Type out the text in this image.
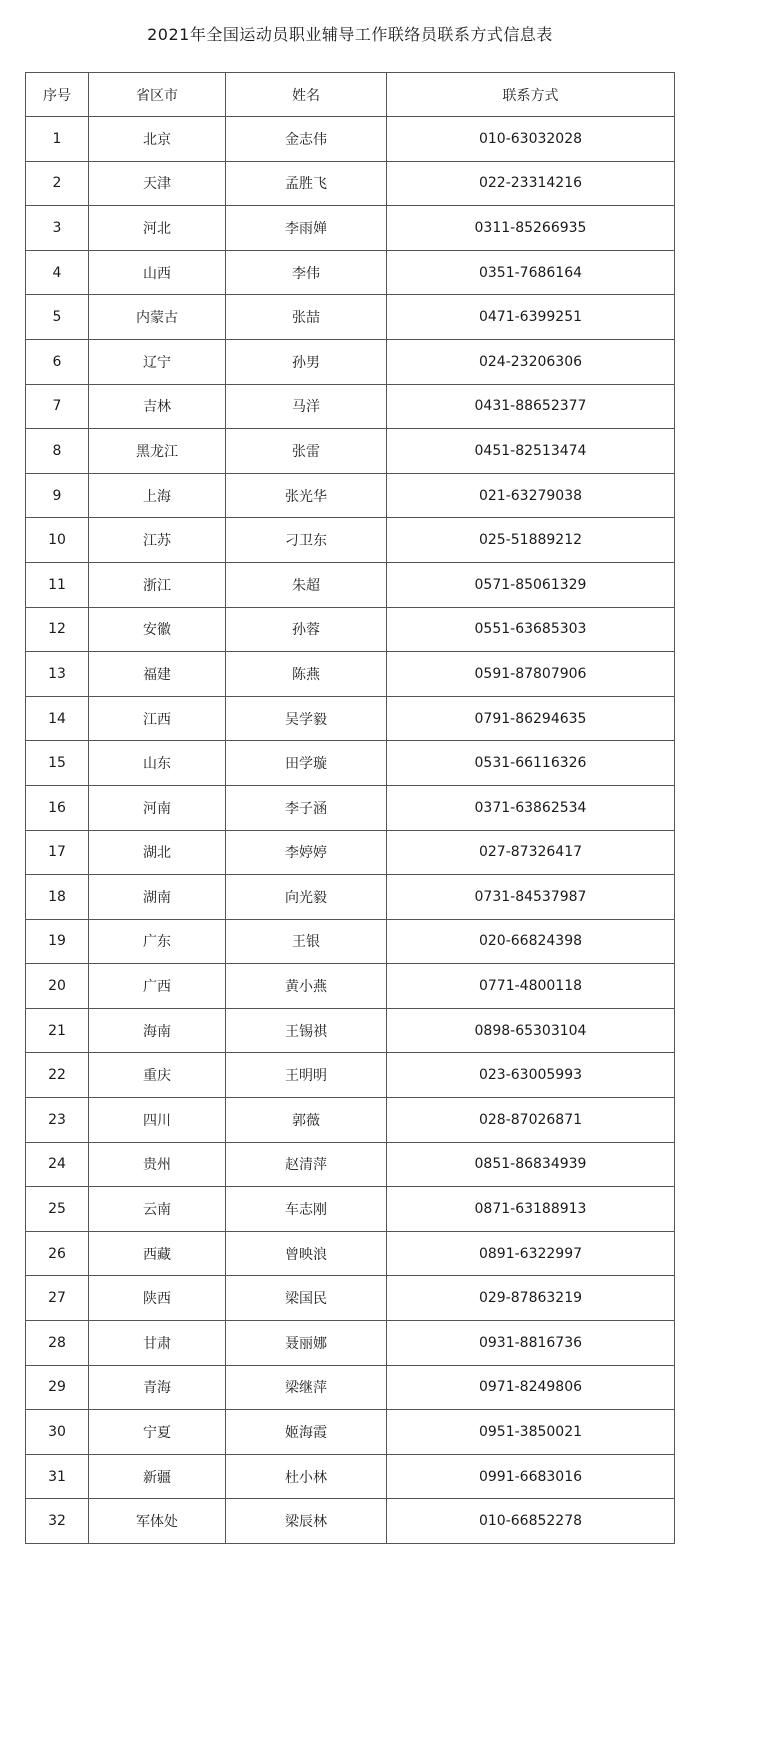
2021年全国运动员职业辅导工作联络员联系方式信息表
序号	省区市	姓名	联系方式
1	北京	金志伟	010-63032028
2	天津	孟胜飞	022-23314216
3	河北	李雨婵	0311-85266935
4	山西	李伟	0351-7686164
5	内蒙古	张喆	0471-6399251
6	辽宁	孙男	024-23206306
7	吉林	马洋	0431-88652377
8	黑龙江	张雷	0451-82513474
9	上海	张光华	021-63279038
10	江苏	刁卫东	025-51889212
11	浙江	朱超	0571-85061329
12	安徽	孙蓉	0551-63685303
13	福建	陈燕	0591-87807906
14	江西	吴学毅	0791-86294635
15	山东	田学璇	0531-66116326
16	河南	李子涵	0371-63862534
17	湖北	李婷婷	027-87326417
18	湖南	向光毅	0731-84537987
19	广东	王银	020-66824398
20	广西	黄小燕	0771-4800118
21	海南	王锡祺	0898-65303104
22	重庆	王明明	023-63005993
23	四川	郭薇	028-87026871
24	贵州	赵清萍	0851-86834939
25	云南	车志刚	0871-63188913
26	西藏	曾映浪	0891-6322997
27	陕西	梁国民	029-87863219
28	甘肃	聂丽娜	0931-8816736
29	青海	梁继萍	0971-8249806
30	宁夏	姬海霞	0951-3850021
31	新疆	杜小林	0991-6683016
32	军体处	梁辰林	010-66852278
